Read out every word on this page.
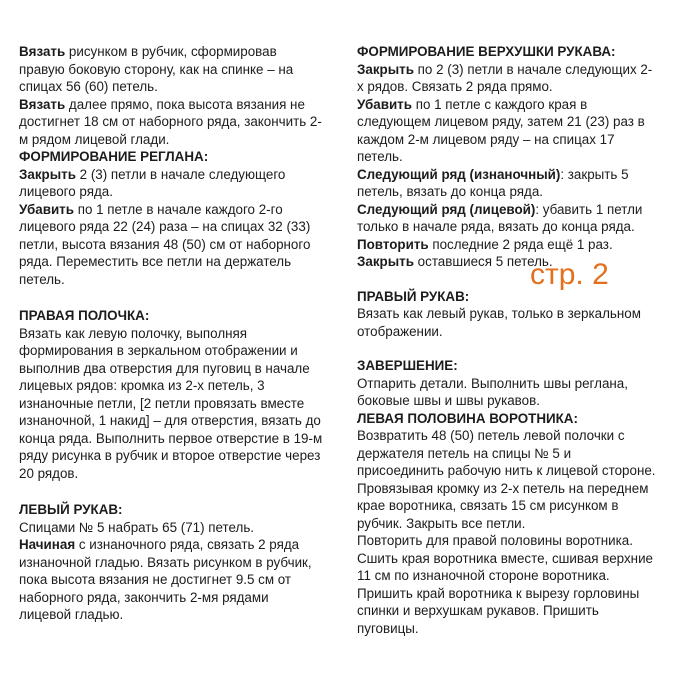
Вязать рисунком в рубчик, сформировав правую боковую сторону, как на спинке – на спицах 56 (60) петель.

Вязать далее прямо, пока высота вязания не достигнет 18 см от наборного ряда, закончить 2-м рядом лицевой глади.

ФОРМИРОВАНИЕ РЕГЛАНА:

Закрыть 2 (3) петли в начале следующего лицевого ряда.

Убавить по 1 петле в начале каждого 2-го лицевого ряда 22 (24) раза – на спицах 32 (33) петли, высота вязания 48 (50) см от наборного ряда. Переместить все петли на держатель петель.

ПРАВАЯ ПОЛОЧКА:

Вязать как левую полочку, выполняя формирования в зеркальном отображении и выполнив два отверстия для пуговиц в начале лицевых рядов: кромка из 2-х петель, 3 изнаночные петли, [2 петли провязать вместе изнаночной, 1 накид] – для отверстия, вязать до конца ряда. Выполнить первое отверстие в 19-м ряду рисунка в рубчик и второе отверстие через 20 рядов.

ЛЕВЫЙ РУКАВ:

Спицами № 5 набрать 65 (71) петель.

Начиная с изнаночного ряда, связать 2 ряда изнаночной гладью. Вязать рисунком в рубчик, пока высота вязания не достигнет 9.5 см от наборного ряда, закончить 2-мя рядами лицевой гладью.

ФОРМИРОВАНИЕ ВЕРХУШКИ РУКАВА:

Закрыть по 2 (3) петли в начале следующих 2-х рядов. Связать 2 ряда прямо.

Убавить по 1 петле с каждого края в следующем лицевом ряду, затем 21 (23) раз в каждом 2-м лицевом ряду – на спицах 17 петель.

Следующий ряд (изнаночный): закрыть 5 петель, вязать до конца ряда.

Следующий ряд (лицевой): убавить 1 петли только в начале ряда, вязать до конца ряда.

Повторить последние 2 ряда ещё 1 раз.

Закрыть оставшиеся 5 петель.

ПРАВЫЙ РУКАВ:

Вязать как левый рукав, только в зеркальном отображении.

ЗАВЕРШЕНИЕ:

Отпарить детали. Выполнить швы реглана, боковые швы и швы рукавов.

ЛЕВАЯ ПОЛОВИНА ВОРОТНИКА:

Возвратить 48 (50) петель левой полочки с держателя петель на спицы № 5 и присоединить рабочую нить к лицевой стороне.

Провязывая кромку из 2-х петель на переднем крае воротника, связать 15 см рисунком в рубчик. Закрыть все петли.

Повторить для правой половины воротника.

Сшить края воротника вместе, сшивая верхние 11 см по изнаночной стороне воротника.

Пришить край воротника к вырезу горловины спинки и верхушкам рукавов. Пришить пуговицы.

стр. 2
